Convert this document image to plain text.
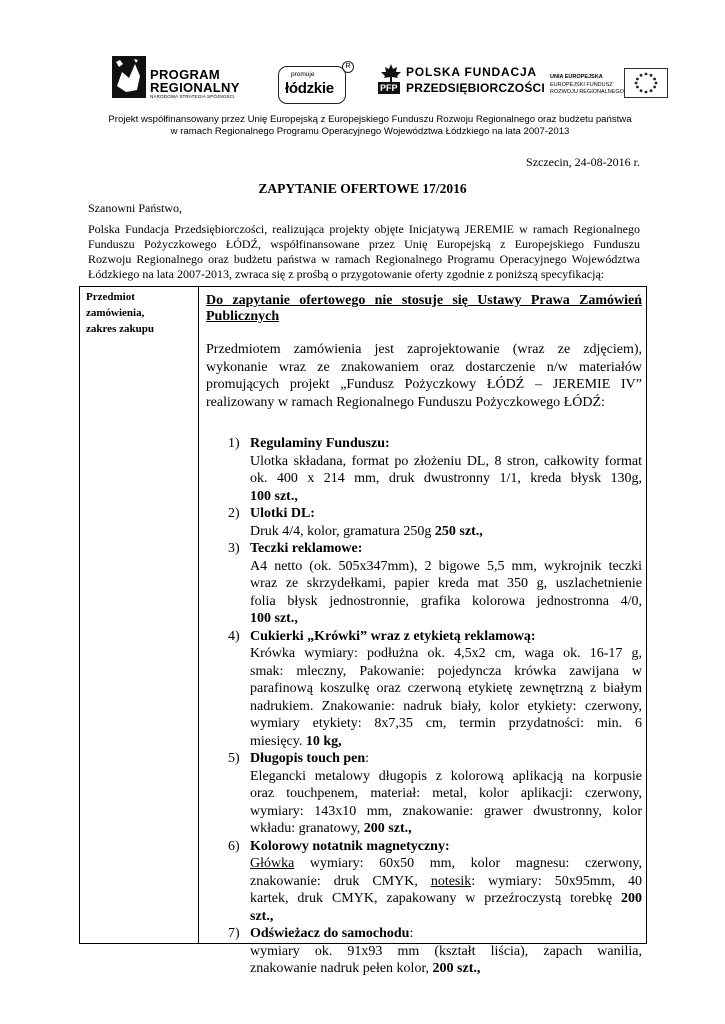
PROGRAM
REGIONALNY
NARODOWA STRATEGIA SPÓJNOŚCI
promuje
łódzkie
R
PFP
POLSKA FUNDACJA
PRZEDSIĘBIORCZOŚCI
UNIA EUROPEJSKA
EUROPEJSKI FUNDUSZ
ROZWOJU REGIONALNEGO
Projekt współfinansowany przez Unię Europejską z Europejskiego Funduszu Rozwoju Regionalnego oraz budżetu państwa
w ramach Regionalnego Programu Operacyjnego Województwa Łódzkiego na lata 2007-2013
Szczecin, 24-08-2016 r.
ZAPYTANIE OFERTOWE 17/2016
Szanowni Państwo,
Polska Fundacja Przedsiębiorczości, realizująca projekty objęte Inicjatywą JEREMIE w ramach Regionalnego
Funduszu Pożyczkowego ŁÓDŹ, współfinansowane przez Unię Europejską z Europejskiego Funduszu
Rozwoju Regionalnego oraz budżetu państwa w ramach Regionalnego Programu Operacyjnego Województwa
Łódzkiego na lata 2007-2013, zwraca się z prośbą o przygotowanie oferty zgodnie z poniższą specyfikacją:
Przedmiot
zamówienia,
zakres zakupu
Do zapytanie ofertowego nie stosuje się Ustawy Prawa Zamówień
Publicznych
Przedmiotem zamówienia jest zaprojektowanie (wraz ze zdjęciem),
wykonanie wraz ze znakowaniem oraz dostarczenie n/w materiałów
promujących projekt „Fundusz Pożyczkowy ŁÓDŹ – JEREMIE IV”
realizowany w ramach Regionalnego Funduszu Pożyczkowego ŁÓDŹ:
1) Regulaminy Funduszu:
Ulotka składana, format po złożeniu DL, 8 stron, całkowity format
ok. 400 x 214 mm, druk dwustronny 1/1, kreda błysk 130g,
100 szt.,
2) Ulotki DL:
Druk 4/4, kolor, gramatura 250g 250 szt.,
3) Teczki reklamowe:
A4 netto (ok. 505x347mm), 2 bigowe 5,5 mm, wykrojnik teczki
wraz ze skrzydełkami, papier kreda mat 350 g, uszlachetnienie
folia błysk jednostronnie, grafika kolorowa jednostronna 4/0,
100 szt.,
4) Cukierki „Krówki” wraz z etykietą reklamową:
Krówka wymiary: podłużna ok. 4,5x2 cm, waga ok. 16-17 g,
smak: mleczny, Pakowanie: pojedyncza krówka zawijana w
parafinową koszulkę oraz czerwoną etykietę zewnętrzną z białym
nadrukiem. Znakowanie: nadruk biały, kolor etykiety: czerwony,
wymiary etykiety: 8x7,35 cm, termin przydatności: min. 6
miesięcy. 10 kg,
5) Długopis touch pen:
Elegancki metalowy długopis z kolorową aplikacją na korpusie
oraz touchpenem, materiał: metal, kolor aplikacji: czerwony,
wymiary: 143x10 mm, znakowanie: grawer dwustronny, kolor
wkładu: granatowy, 200 szt.,
6) Kolorowy notatnik magnetyczny:
Główka wymiary: 60x50 mm, kolor magnesu: czerwony,
znakowanie: druk CMYK, notesik: wymiary: 50x95mm, 40
kartek, druk CMYK, zapakowany w przeźroczystą torebkę 200
szt.,
7) Odświeżacz do samochodu:
wymiary ok. 91x93 mm (kształt liścia), zapach wanilia,
znakowanie nadruk pełen kolor, 200 szt.,
